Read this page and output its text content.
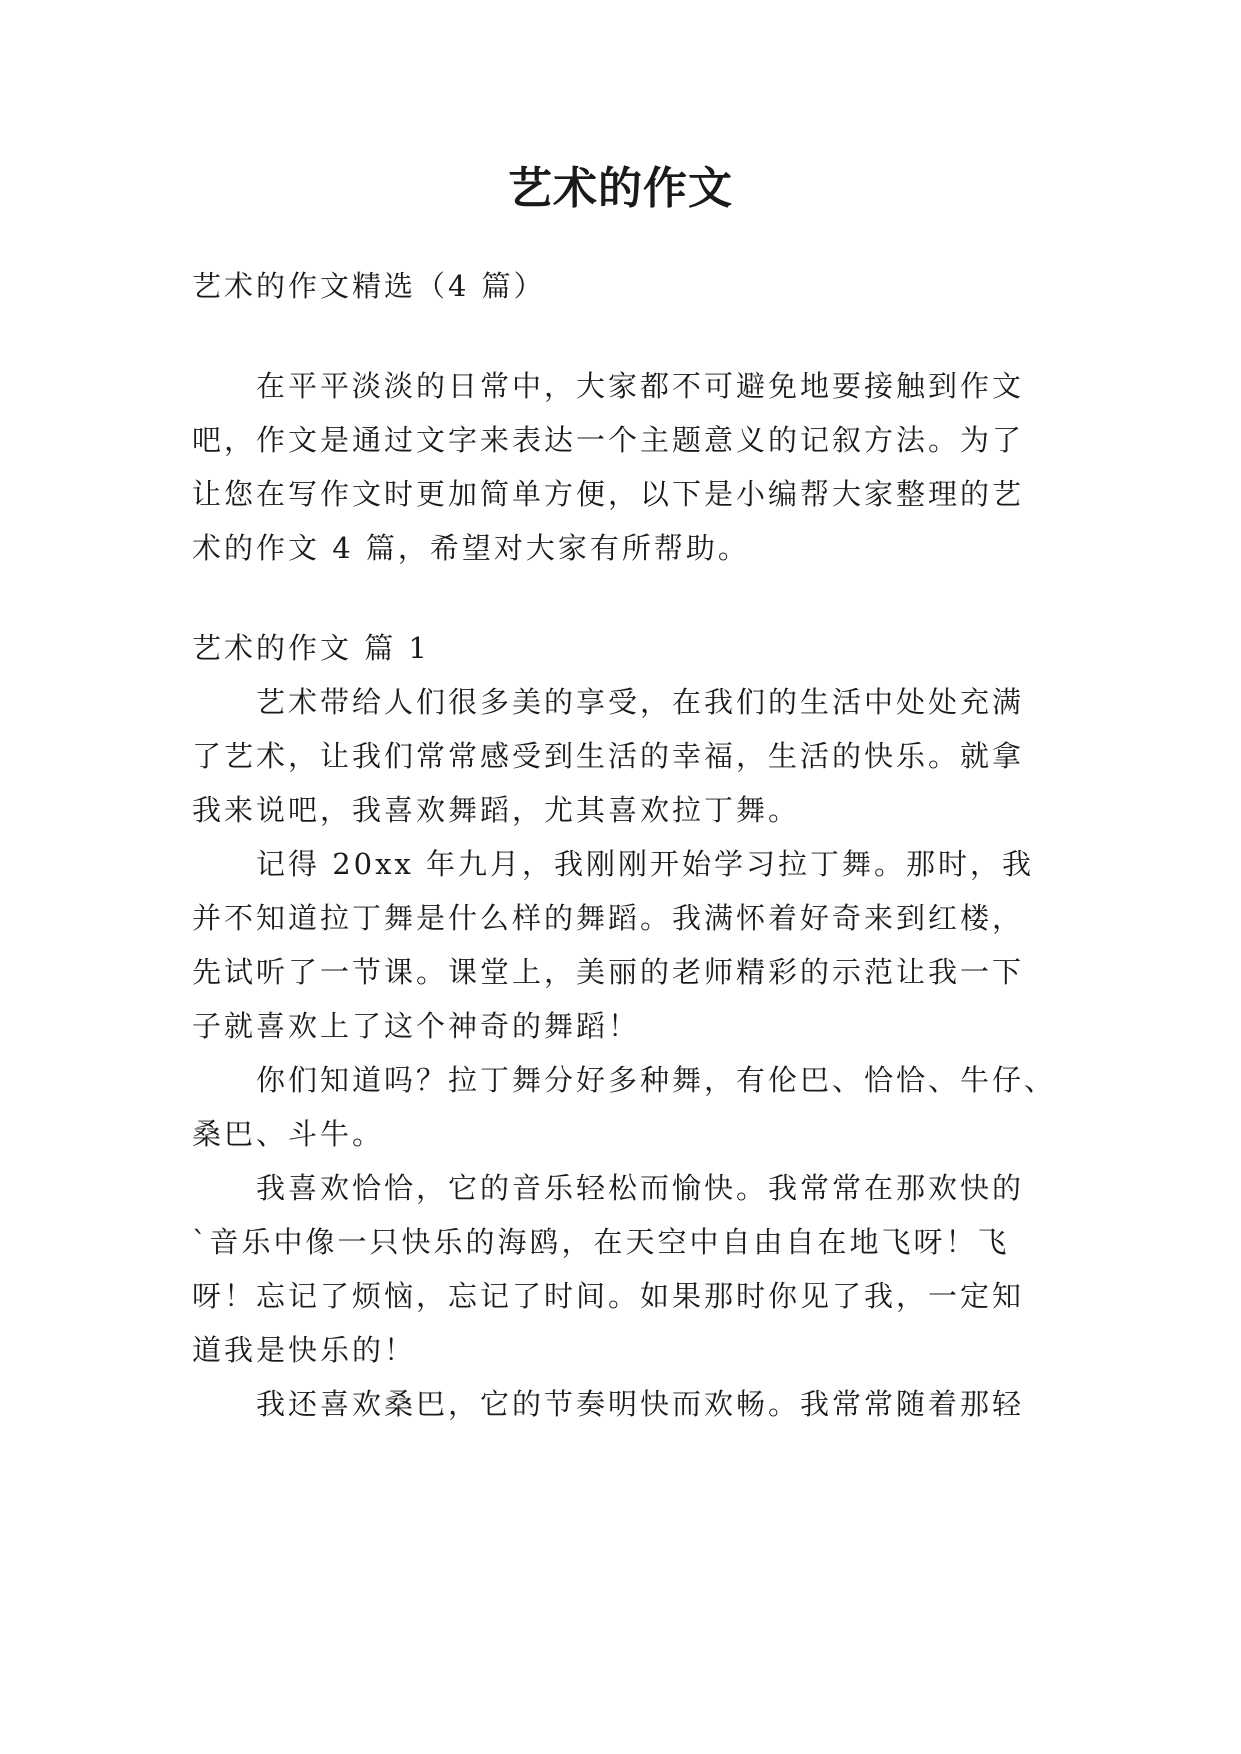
艺术的作文
艺术的作文精选（4 篇）
在平平淡淡的日常中，大家都不可避免地要接触到作文
吧，作文是通过文字来表达一个主题意义的记叙方法。为了
让您在写作文时更加简单方便，以下是小编帮大家整理的艺
术的作文 4 篇，希望对大家有所帮助。
艺术的作文 篇 1
艺术带给人们很多美的享受，在我们的生活中处处充满
了艺术，让我们常常感受到生活的幸福，生活的快乐。就拿
我来说吧，我喜欢舞蹈，尤其喜欢拉丁舞。
记得 20xx 年九月，我刚刚开始学习拉丁舞。那时，我
并不知道拉丁舞是什么样的舞蹈。我满怀着好奇来到红楼，
先试听了一节课。课堂上，美丽的老师精彩的示范让我一下
子就喜欢上了这个神奇的舞蹈！
你们知道吗？拉丁舞分好多种舞，有伦巴、恰恰、牛仔、
桑巴、斗牛。
我喜欢恰恰，它的音乐轻松而愉快。我常常在那欢快的
`音乐中像一只快乐的海鸥，在天空中自由自在地飞呀！飞
呀！忘记了烦恼，忘记了时间。如果那时你见了我，一定知
道我是快乐的！
我还喜欢桑巴，它的节奏明快而欢畅。我常常随着那轻
